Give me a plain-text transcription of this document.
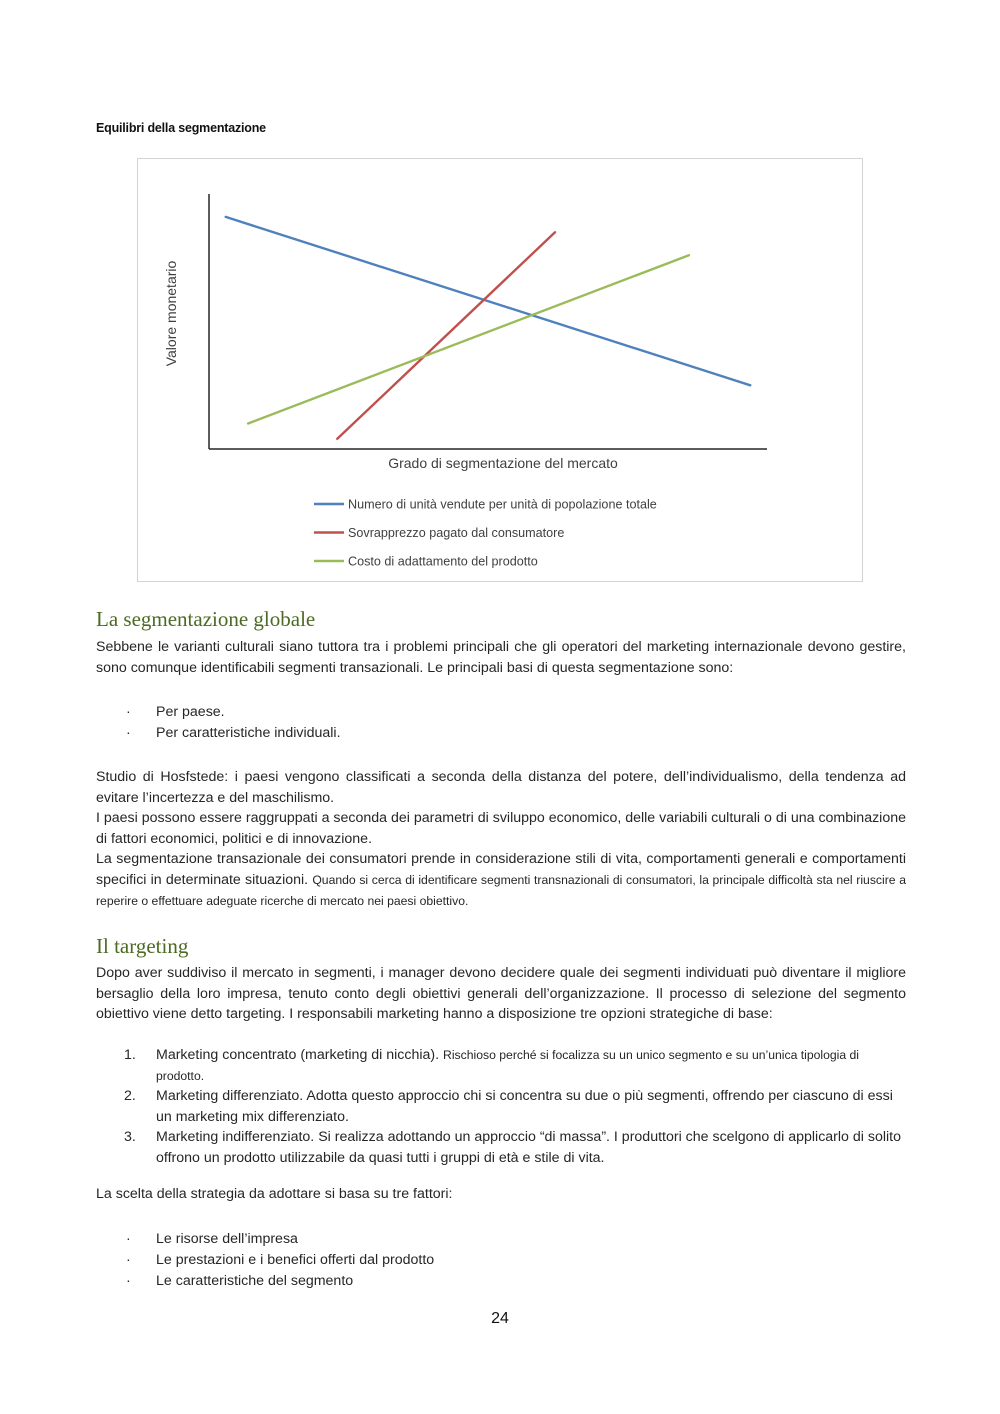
Equilibri della segmentazione
Grado di segmentazione del mercato
Valore monetario
Numero di unità vendute per unità di popolazione totale
Sovrapprezzo pagato dal consumatore
Costo di adattamento del prodotto
La segmentazione globale

Sebbene le varianti culturali siano tuttora tra i problemi principali che gli operatori del marketing internazionale devono gestire, sono comunque identificabili segmenti transazionali. Le principali basi di questa segmentazione sono:

· Per paese.
· Per caratteristiche individuali.

Studio di Hosfstede: i paesi vengono classificati a seconda della distanza del potere, dell’individualismo, della tendenza ad evitare l’incertezza e del maschilismo.

I paesi possono essere raggruppati a seconda dei parametri di sviluppo economico, delle variabili culturali o di una combinazione di fattori economici, politici e di innovazione.

La segmentazione transazionale dei consumatori prende in considerazione stili di vita, comportamenti generali e comportamenti specifici in determinate situazioni. Quando si cerca di identificare segmenti transnazionali di consumatori, la principale difficoltà sta nel riuscire a reperire o effettuare adeguate ricerche di mercato nei paesi obiettivo.

Il targeting

Dopo aver suddiviso il mercato in segmenti, i manager devono decidere quale dei segmenti individuati può diventare il migliore bersaglio della loro impresa, tenuto conto degli obiettivi generali dell’organizzazione. Il processo di selezione del segmento obiettivo viene detto targeting. I responsabili marketing hanno a disposizione tre opzioni strategiche di base:

1. Marketing concentrato (marketing di nicchia). Rischioso perché si focalizza su un unico segmento e su un’unica tipologia di prodotto.
2. Marketing differenziato. Adotta questo approccio chi si concentra su due o più segmenti, offrendo per ciascuno di essi un marketing mix differenziato.
3. Marketing indifferenziato. Si realizza adottando un approccio “di massa”. I produttori che scelgono di applicarlo di solito offrono un prodotto utilizzabile da quasi tutti i gruppi di età e stile di vita.

La scelta della strategia da adottare si basa su tre fattori:

· Le risorse dell’impresa
· Le prestazioni e i benefici offerti dal prodotto
· Le caratteristiche del segmento
24
